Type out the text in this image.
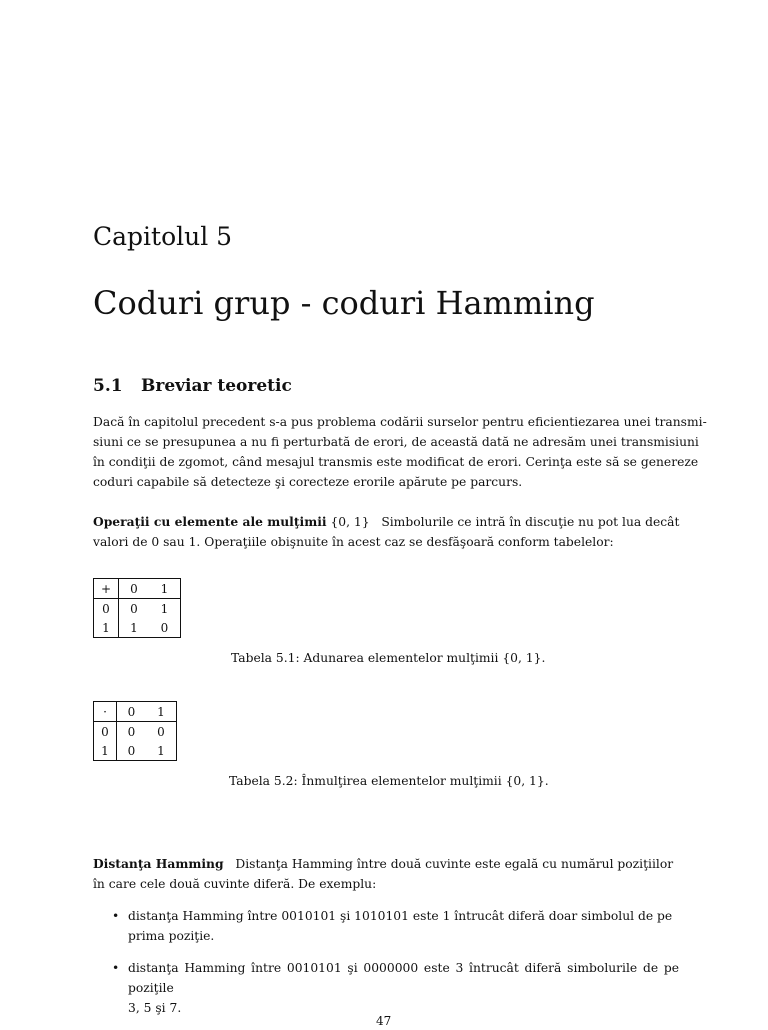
Capitolul 5
Coduri grup - coduri Hamming
5.1 Breviar teoretic
Dacă în capitolul precedent s-a pus problema codării surselor pentru eficientiezarea unei transmi-
siuni ce se presupunea a nu fi perturbată de erori, de această dată ne adresăm unei transmisiuni
în condiţii de zgomot, când mesajul transmis este modificat de erori. Cerinţa este să se genereze
coduri capabile să detecteze şi corecteze erorile apărute pe parcurs.
Operaţii cu elemente ale mulţimii {0, 1} Simbolurile ce intră în discuţie nu pot lua decât
valori de 0 sau 1. Operaţiile obişnuite în acest caz se desfăşoară conform tabelelor:
+	0	1
0	0	1
1	1	0
Tabela 5.1: Adunarea elementelor mulţimii {0, 1}.
·	0	1
0	0	0
1	0	1
Tabela 5.2: Înmulţirea elementelor mulţimii {0, 1}.
Distanţa Hamming Distanţa Hamming între două cuvinte este egală cu numărul poziţiilor
în care cele două cuvinte diferă. De exemplu:
• distanţa Hamming între 0010101 şi 1010101 este 1 întrucât diferă doar simbolul de pe
prima poziţie.
• distanţa Hamming între 0010101 şi 0000000 este 3 întrucât diferă simbolurile de pe poziţile
3, 5 şi 7.
47
